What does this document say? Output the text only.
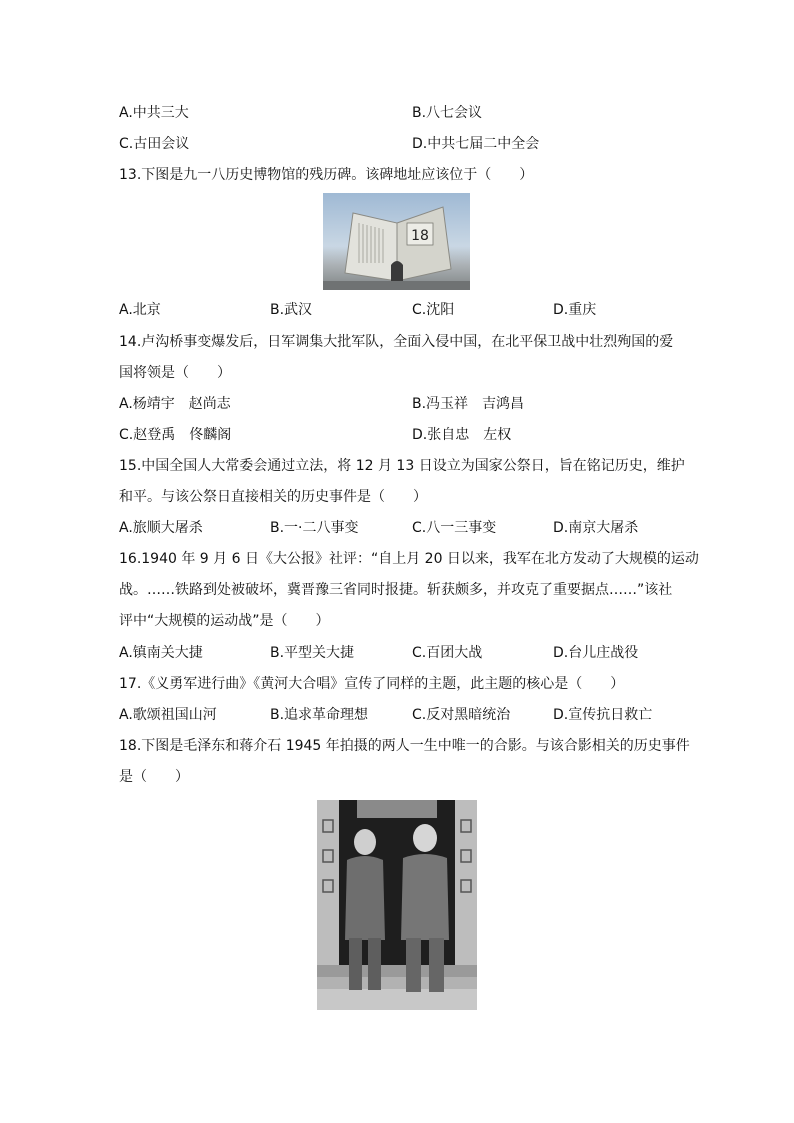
A.中共三大	B.八七会议
C.古田会议	D.中共七届二中全会
13.下图是九一八历史博物馆的残历碑。该碑地址应该位于（　　）
18
A.北京	B.武汉	C.沈阳	D.重庆
14.卢沟桥事变爆发后，日军调集大批军队，全面入侵中国，在北平保卫战中壮烈殉国的爱
国将领是（　　）
A.杨靖宇　赵尚志	B.冯玉祥　吉鸿昌
C.赵登禹　佟麟阁	D.张自忠　左权
15.中国全国人大常委会通过立法，将 12 月 13 日设立为国家公祭日，旨在铭记历史，维护
和平。与该公祭日直接相关的历史事件是（　　）
A.旅顺大屠杀	B.一·二八事变	C.八一三事变	D.南京大屠杀
16.1940 年 9 月 6 日《大公报》社评：“自上月 20 日以来，我军在北方发动了大规模的运动
战。……铁路到处被破坏，冀晋豫三省同时报捷。斩获颇多，并攻克了重要据点……”该社
评中“大规模的运动战”是（　　）
A.镇南关大捷	B.平型关大捷	C.百团大战	D.台儿庄战役
17.《义勇军进行曲》《黄河大合唱》宣传了同样的主题，此主题的核心是（　　）
A.歌颂祖国山河	B.追求革命理想	C.反对黑暗统治	D.宣传抗日救亡
18.下图是毛泽东和蒋介石 1945 年拍摄的两人一生中唯一的合影。与该合影相关的历史事件
是（　　）
